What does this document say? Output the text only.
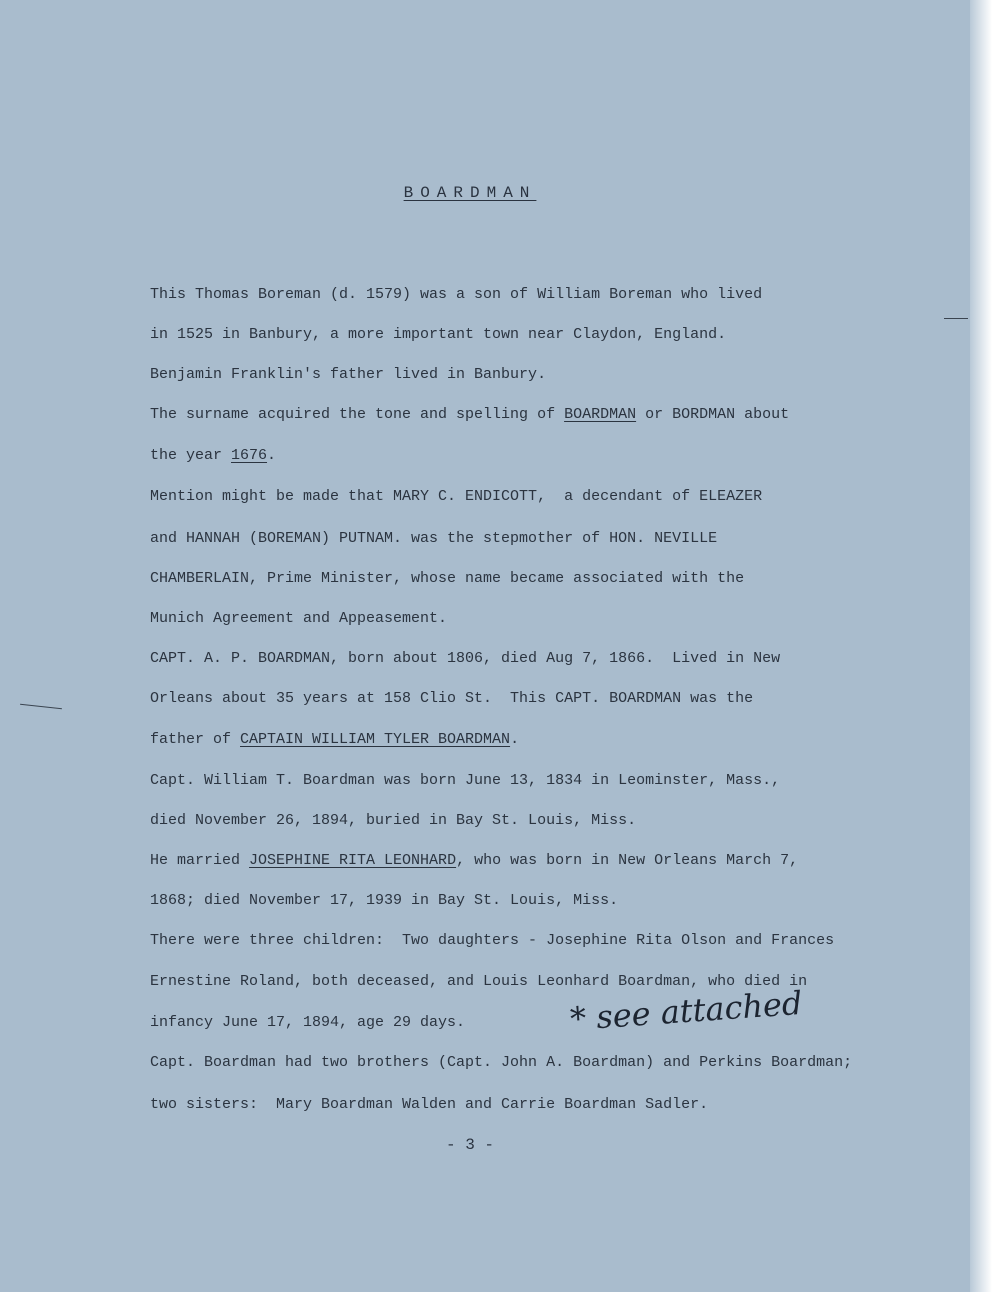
BOARDMAN
This Thomas Boreman (d. 1579) was a son of William Boreman who lived
in 1525 in Banbury, a more important town near Claydon, England.
Benjamin Franklin's father lived in Banbury.
The surname acquired the tone and spelling of BOARDMAN or BORDMAN about
the year 1676.
Mention might be made that MARY C. ENDICOTT,  a decendant of ELEAZER
and HANNAH (BOREMAN) PUTNAM. was the stepmother of HON. NEVILLE
CHAMBERLAIN, Prime Minister, whose name became associated with the
Munich Agreement and Appeasement.
CAPT. A. P. BOARDMAN, born about 1806, died Aug 7, 1866.  Lived in New
Orleans about 35 years at 158 Clio St.  This CAPT. BOARDMAN was the
father of CAPTAIN WILLIAM TYLER BOARDMAN.
Capt. William T. Boardman was born June 13, 1834 in Leominster, Mass.,
died November 26, 1894, buried in Bay St. Louis, Miss.
He married JOSEPHINE RITA LEONHARD, who was born in New Orleans March 7,
1868; died November 17, 1939 in Bay St. Louis, Miss.
There were three children:  Two daughters - Josephine Rita Olson and Frances
Ernestine Roland, both deceased, and Louis Leonhard Boardman, who died in
infancy June 17, 1894, age 29 days.
Capt. Boardman had two brothers (Capt. John A. Boardman) and Perkins Boardman;
two sisters:  Mary Boardman Walden and Carrie Boardman Sadler.
* see attached
- 3 -
